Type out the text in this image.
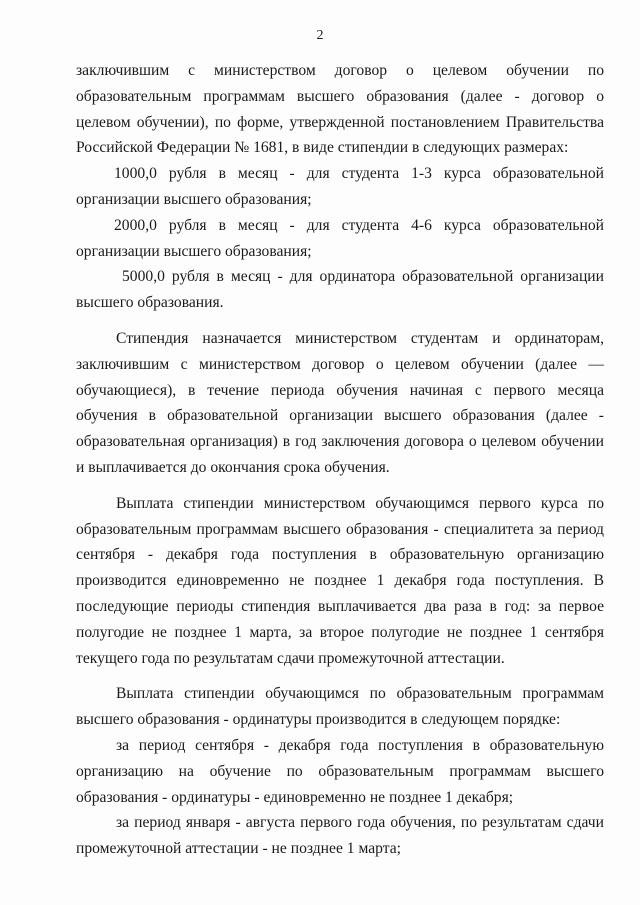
2

заключившим с министерством договор о целевом обучении по образовательным программам высшего образования (далее - договор о целевом обучении), по форме, утвержденной постановлением Правительства Российской Федерации № 1681, в виде стипендии в следующих размерах:

1000,0 рубля в месяц - для студента 1-3 курса образовательной организации высшего образования;

2000,0 рубля в месяц - для студента 4-6 курса образовательной организации высшего образования;

5000,0 рубля в месяц - для ординатора образовательной организации высшего образования.

Стипендия назначается министерством студентам и ординаторам, заключившим с министерством договор о целевом обучении (далее — обучающиеся), в течение периода обучения начиная с первого месяца обучения в образовательной организации высшего образования (далее - образовательная организация) в год заключения договора о целевом обучении и выплачивается до окончания срока обучения.

Выплата стипендии министерством обучающимся первого курса по образовательным программам высшего образования - специалитета за период сентября - декабря года поступления в образовательную организацию производится единовременно не позднее 1 декабря года поступления. В последующие периоды стипендия выплачивается два раза в год: за первое полугодие не позднее 1 марта, за второе полугодие не позднее 1 сентября текущего года по результатам сдачи промежуточной аттестации.

Выплата стипендии обучающимся по образовательным программам высшего образования - ординатуры производится в следующем порядке:

за период сентября - декабря года поступления в образовательную организацию на обучение по образовательным программам высшего образования - ординатуры - единовременно не позднее 1 декабря;

за период января - августа первого года обучения, по результатам сдачи промежуточной аттестации - не позднее 1 марта;
